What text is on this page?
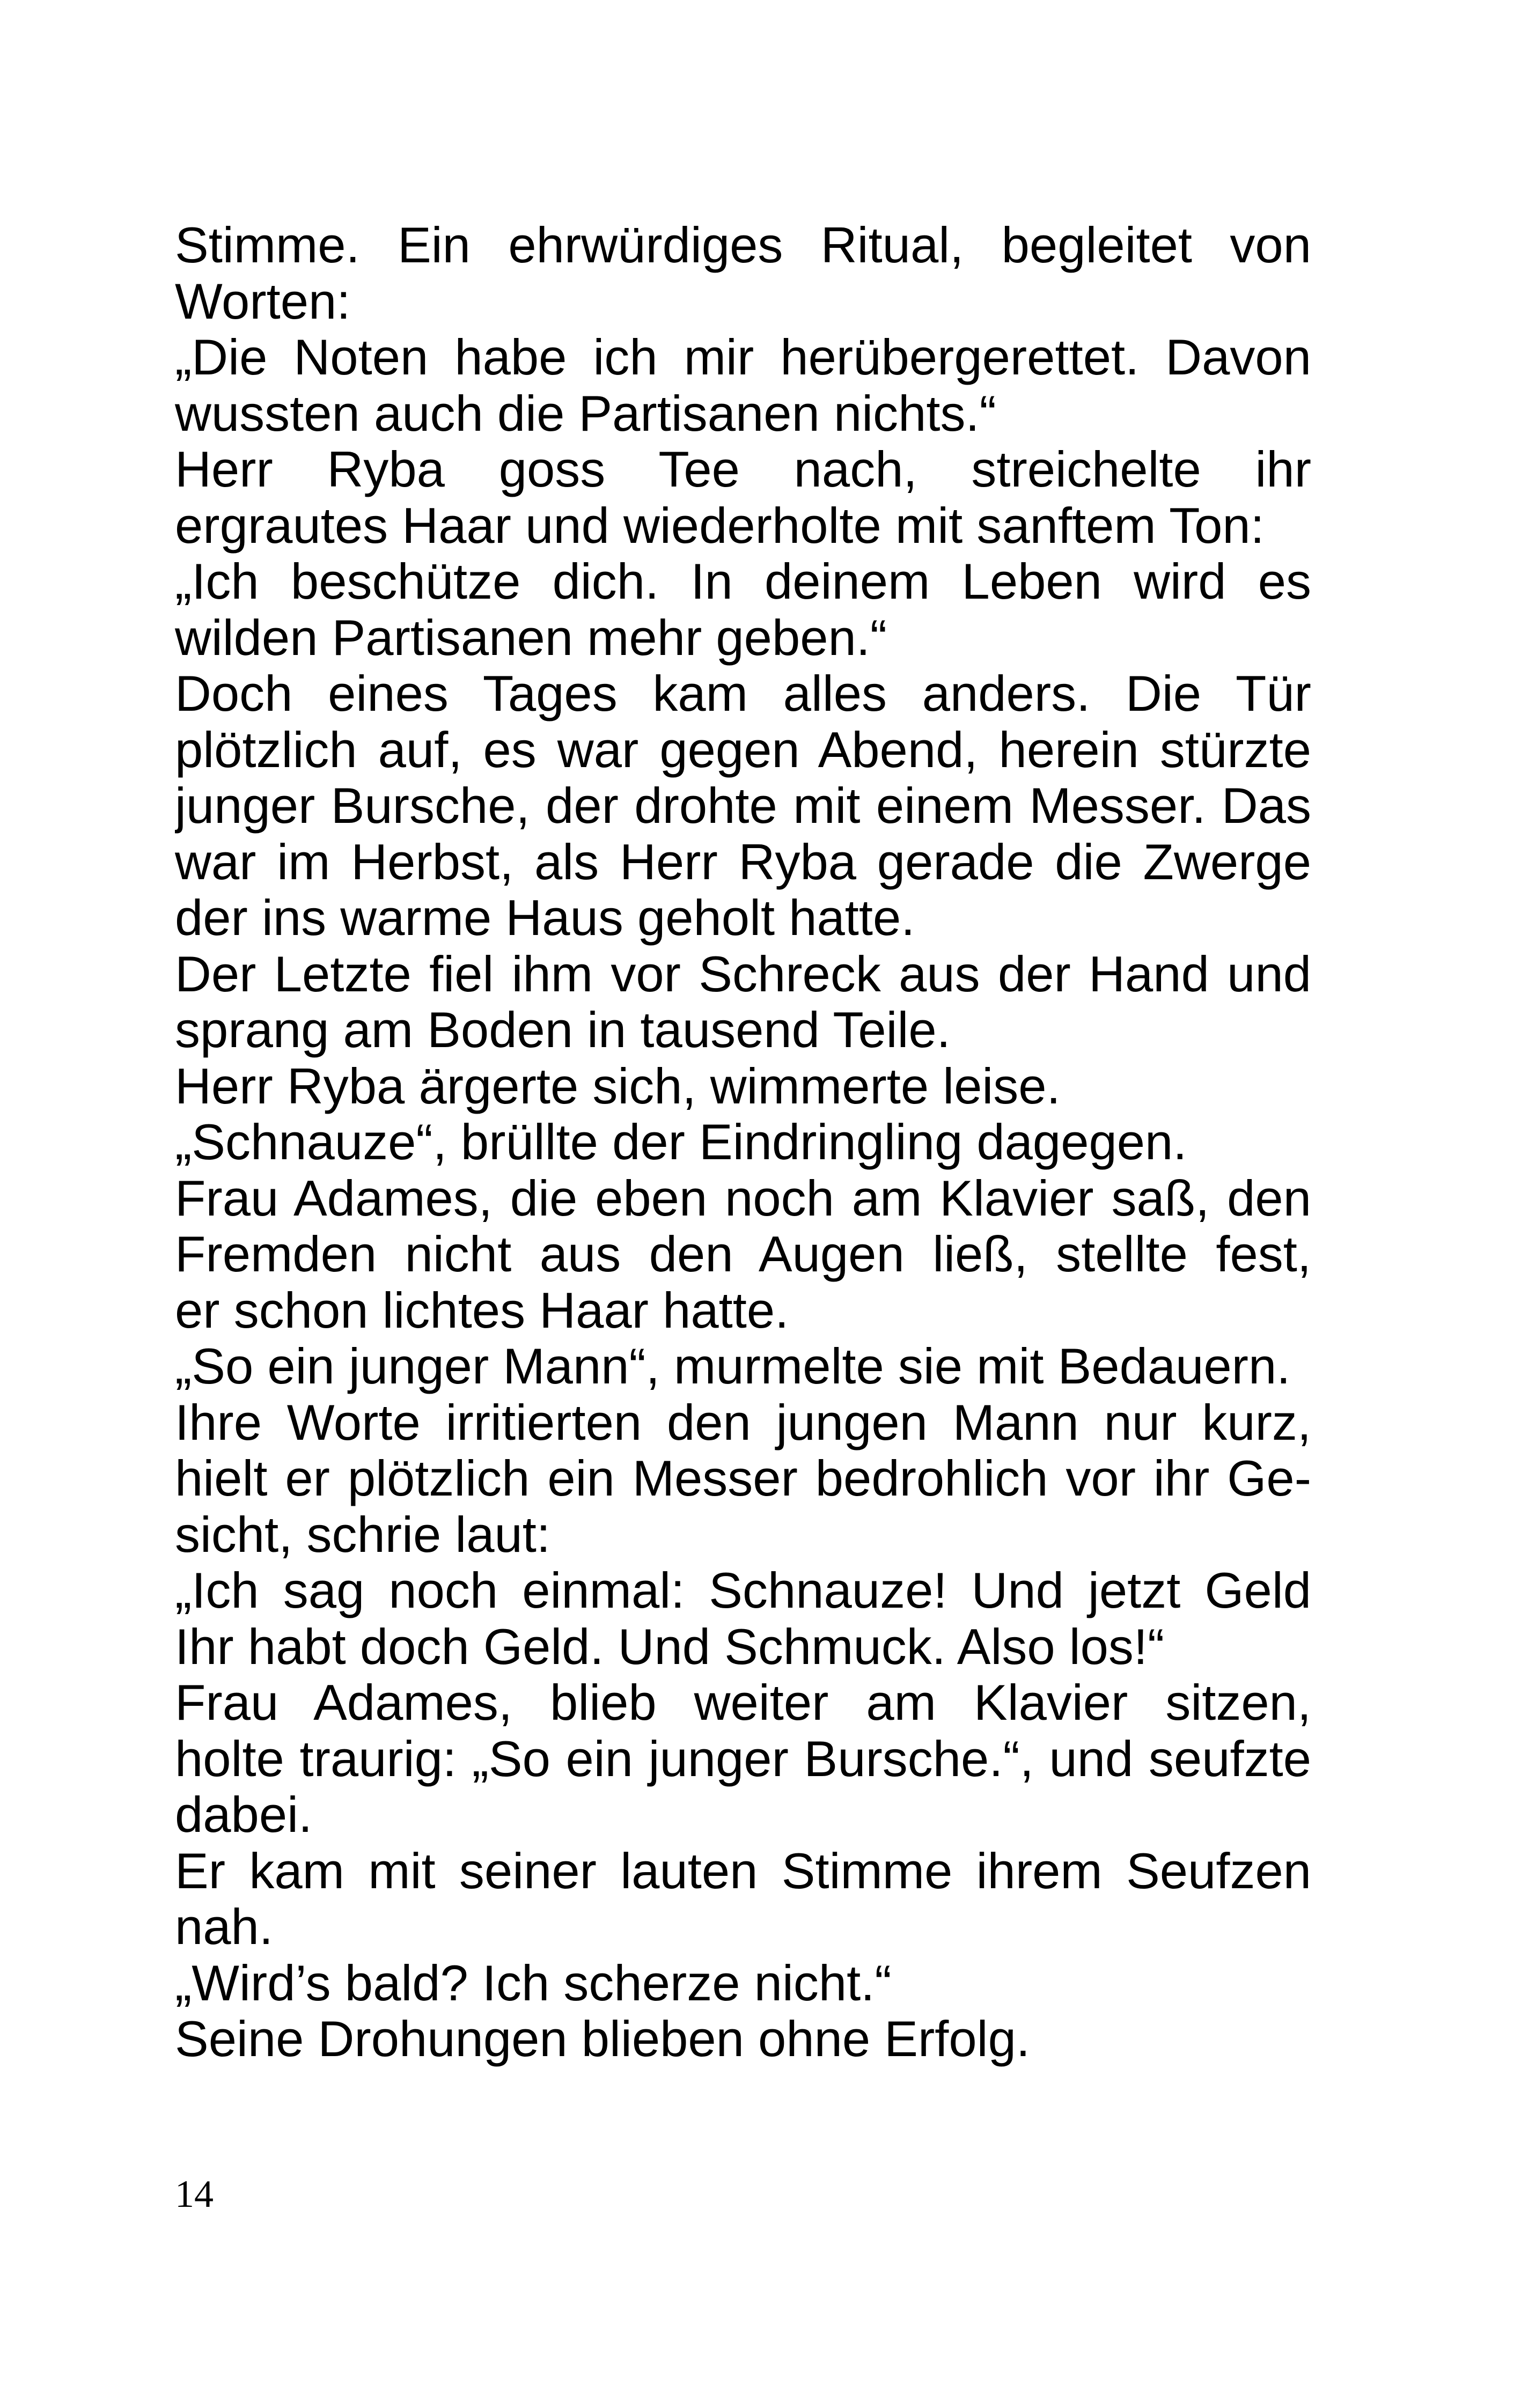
Stimme. Ein ehrwürdiges Ritual, begleitet von
Worten:
„Die Noten habe ich mir herübergerettet. Davon
wussten auch die Partisanen nichts.“
Herr Ryba goss Tee nach, streichelte ihr
ergrautes Haar und wiederholte mit sanftem Ton:
„Ich beschütze dich. In deinem Leben wird es
wilden Partisanen mehr geben.“
Doch eines Tages kam alles anders. Die Tür
plötzlich auf, es war gegen Abend, herein stürzte
junger Bursche, der drohte mit einem Messer. Das
war im Herbst, als Herr Ryba gerade die Zwerge
der ins warme Haus geholt hatte.
Der Letzte fiel ihm vor Schreck aus der Hand und
sprang am Boden in tausend Teile.
Herr Ryba ärgerte sich, wimmerte leise.
„Schnauze“, brüllte der Eindringling dagegen.
Frau Adames, die eben noch am Klavier saß, den
Fremden nicht aus den Augen ließ, stellte fest,
er schon lichtes Haar hatte.
„So ein junger Mann“, murmelte sie mit Bedauern.
Ihre Worte irritierten den jungen Mann nur kurz,
hielt er plötzlich ein Messer bedrohlich vor ihr Ge-
sicht, schrie laut:
„Ich sag noch einmal: Schnauze! Und jetzt Geld
Ihr habt doch Geld. Und Schmuck. Also los!“
Frau Adames, blieb weiter am Klavier sitzen,
holte traurig: „So ein junger Bursche.“, und seufzte
dabei.
Er kam mit seiner lauten Stimme ihrem Seufzen
nah.
„Wird’s bald? Ich scherze nicht.“
Seine Drohungen blieben ohne Erfolg.
14
